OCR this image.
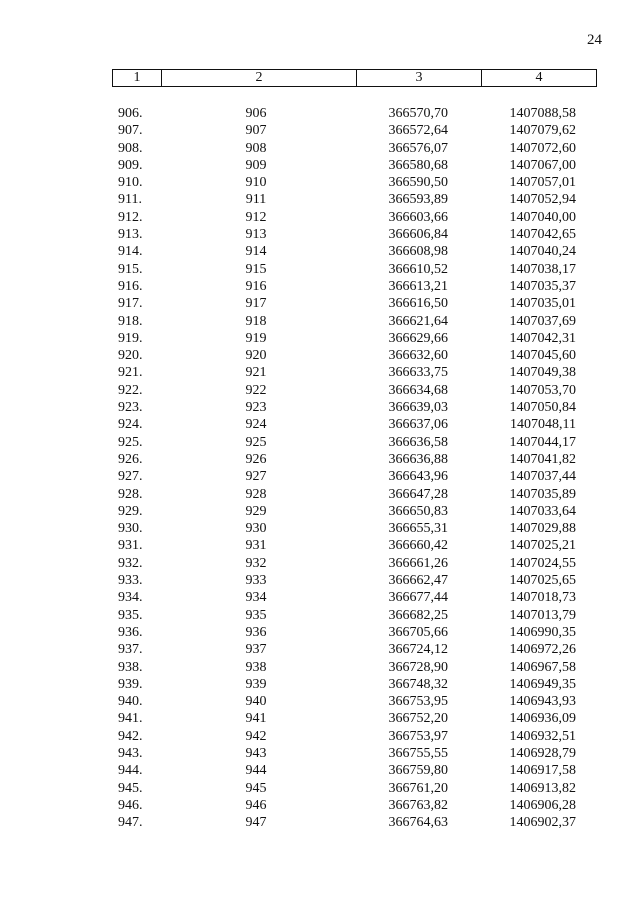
24
1	2	3	4
906.	906	366570,70	1407088,58
907.	907	366572,64	1407079,62
908.	908	366576,07	1407072,60
909.	909	366580,68	1407067,00
910.	910	366590,50	1407057,01
911.	911	366593,89	1407052,94
912.	912	366603,66	1407040,00
913.	913	366606,84	1407042,65
914.	914	366608,98	1407040,24
915.	915	366610,52	1407038,17
916.	916	366613,21	1407035,37
917.	917	366616,50	1407035,01
918.	918	366621,64	1407037,69
919.	919	366629,66	1407042,31
920.	920	366632,60	1407045,60
921.	921	366633,75	1407049,38
922.	922	366634,68	1407053,70
923.	923	366639,03	1407050,84
924.	924	366637,06	1407048,11
925.	925	366636,58	1407044,17
926.	926	366636,88	1407041,82
927.	927	366643,96	1407037,44
928.	928	366647,28	1407035,89
929.	929	366650,83	1407033,64
930.	930	366655,31	1407029,88
931.	931	366660,42	1407025,21
932.	932	366661,26	1407024,55
933.	933	366662,47	1407025,65
934.	934	366677,44	1407018,73
935.	935	366682,25	1407013,79
936.	936	366705,66	1406990,35
937.	937	366724,12	1406972,26
938.	938	366728,90	1406967,58
939.	939	366748,32	1406949,35
940.	940	366753,95	1406943,93
941.	941	366752,20	1406936,09
942.	942	366753,97	1406932,51
943.	943	366755,55	1406928,79
944.	944	366759,80	1406917,58
945.	945	366761,20	1406913,82
946.	946	366763,82	1406906,28
947.	947	366764,63	1406902,37
